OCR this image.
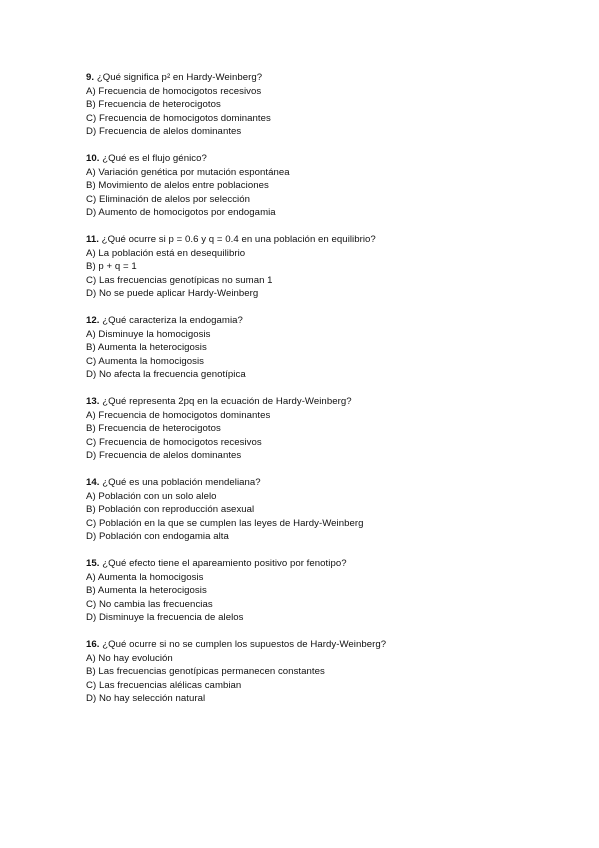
9. ¿Qué significa p² en Hardy-Weinberg?
A) Frecuencia de homocigotos recesivos
B) Frecuencia de heterocigotos
C) Frecuencia de homocigotos dominantes
D) Frecuencia de alelos dominantes
10. ¿Qué es el flujo génico?
A) Variación genética por mutación espontánea
B) Movimiento de alelos entre poblaciones
C) Eliminación de alelos por selección
D) Aumento de homocigotos por endogamia
11. ¿Qué ocurre si p = 0.6 y q = 0.4 en una población en equilibrio?
A) La población está en desequilibrio
B) p + q = 1
C) Las frecuencias genotípicas no suman 1
D) No se puede aplicar Hardy-Weinberg
12. ¿Qué caracteriza la endogamia?
A) Disminuye la homocigosis
B) Aumenta la heterocigosis
C) Aumenta la homocigosis
D) No afecta la frecuencia genotípica
13. ¿Qué representa 2pq en la ecuación de Hardy-Weinberg?
A) Frecuencia de homocigotos dominantes
B) Frecuencia de heterocigotos
C) Frecuencia de homocigotos recesivos
D) Frecuencia de alelos dominantes
14. ¿Qué es una población mendeliana?
A) Población con un solo alelo
B) Población con reproducción asexual
C) Población en la que se cumplen las leyes de Hardy-Weinberg
D) Población con endogamia alta
15. ¿Qué efecto tiene el apareamiento positivo por fenotipo?
A) Aumenta la homocigosis
B) Aumenta la heterocigosis
C) No cambia las frecuencias
D) Disminuye la frecuencia de alelos
16. ¿Qué ocurre si no se cumplen los supuestos de Hardy-Weinberg?
A) No hay evolución
B) Las frecuencias genotípicas permanecen constantes
C) Las frecuencias alélicas cambian
D) No hay selección natural
